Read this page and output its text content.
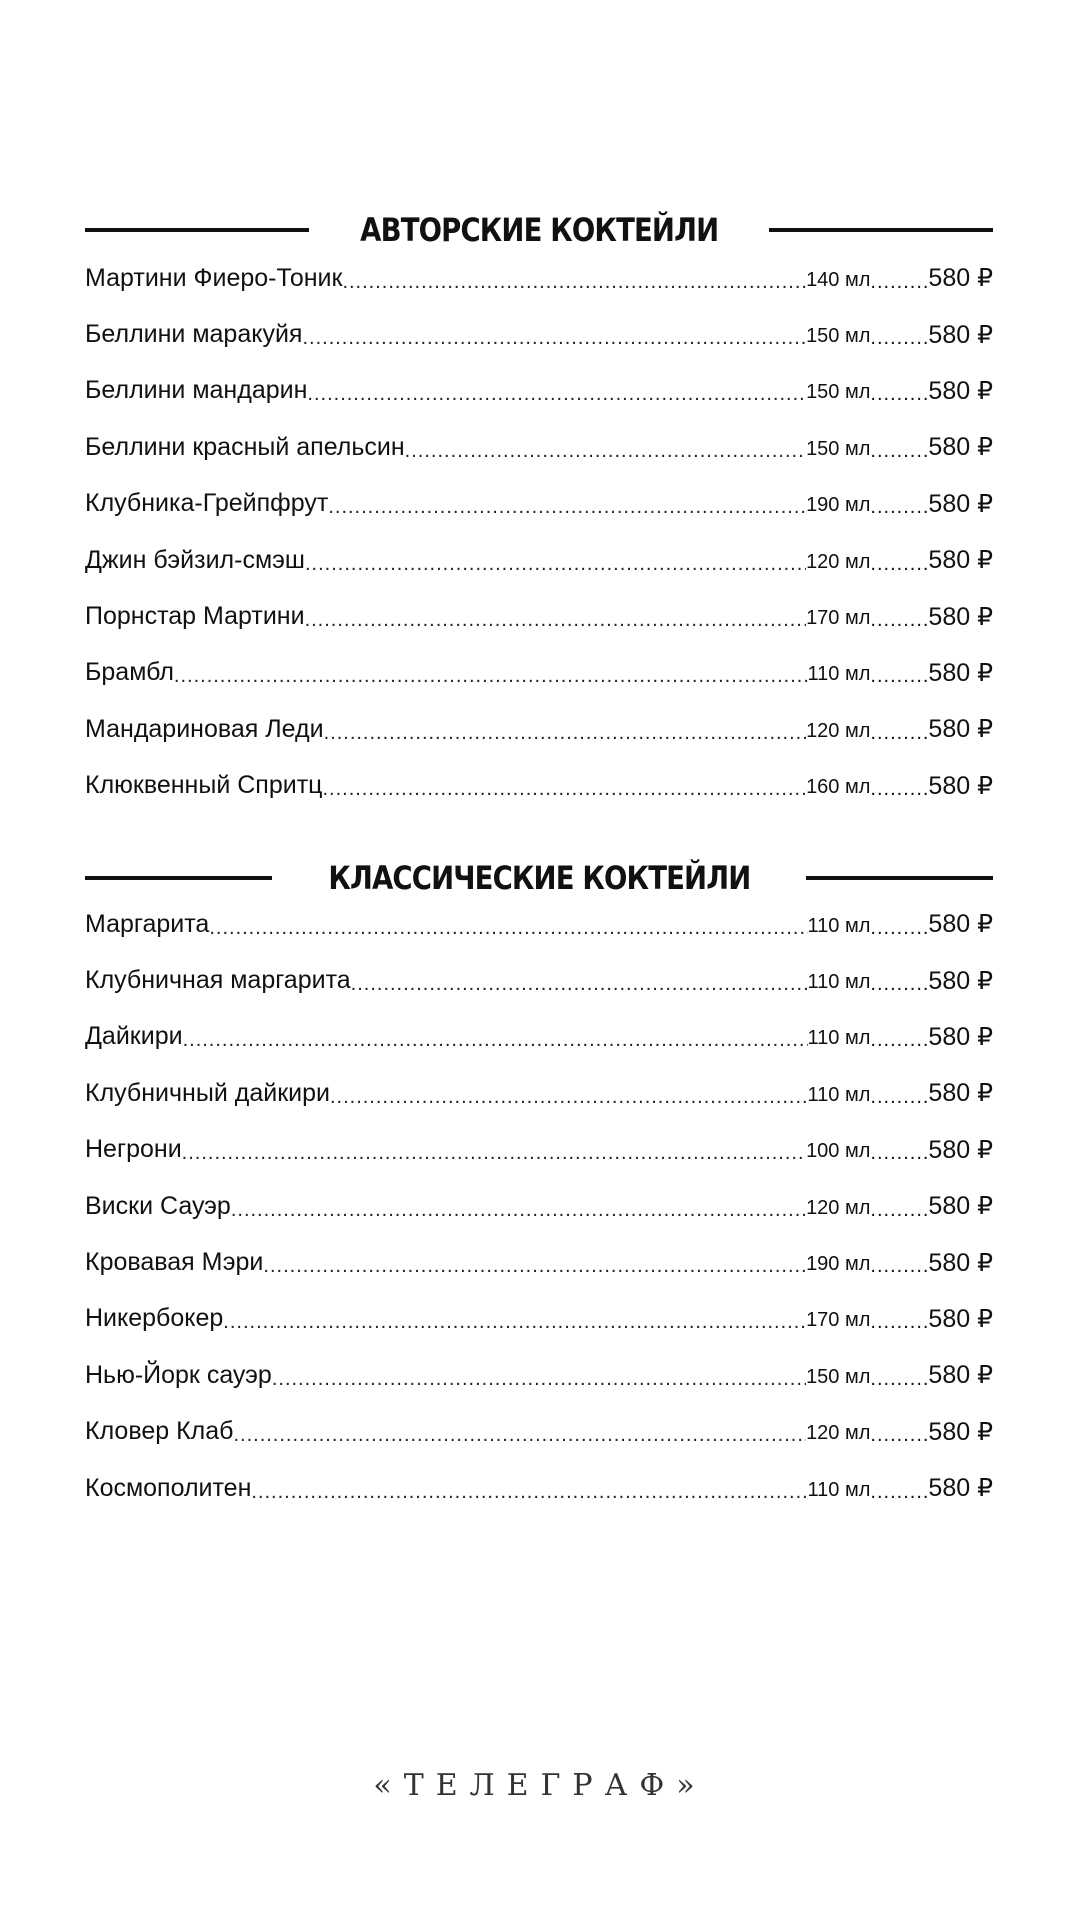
АВТОРСКИЕ КОКТЕЙЛИ
Мартини Фиеро-Тоник .....	140 мл ..... 580 ₽
Беллини маракуйя .....	150 мл ..... 580 ₽
Беллини мандарин .....	150 мл ..... 580 ₽
Беллини красный апельсин .....	150 мл ..... 580 ₽
Клубника-Грейпфрут .....	190 мл ..... 580 ₽
Джин бэйзил-смэш .....	120 мл ..... 580 ₽
Порнстар Мартини .....	170 мл ..... 580 ₽
Брамбл .....	110 мл ..... 580 ₽
Мандариновая Леди .....	120 мл ..... 580 ₽
Клюквенный Спритц .....	160 мл ..... 580 ₽
КЛАССИЧЕСКИЕ КОКТЕЙЛИ
Маргарита .....	110 мл ..... 580 ₽
Клубничная маргарита .....	110 мл ..... 580 ₽
Дайкири .....	110 мл ..... 580 ₽
Клубничный дайкири .....	110 мл ..... 580 ₽
Негрони .....	100 мл ..... 580 ₽
Виски Сауэр .....	120 мл ..... 580 ₽
Кровавая Мэри .....	190 мл ..... 580 ₽
Никербокер .....	170 мл ..... 580 ₽
Нью-Йорк сауэр .....	150 мл ..... 580 ₽
Кловер Клаб .....	120 мл ..... 580 ₽
Космополитен .....	110 мл ..... 580 ₽
«ТЕЛЕГРАФ»
